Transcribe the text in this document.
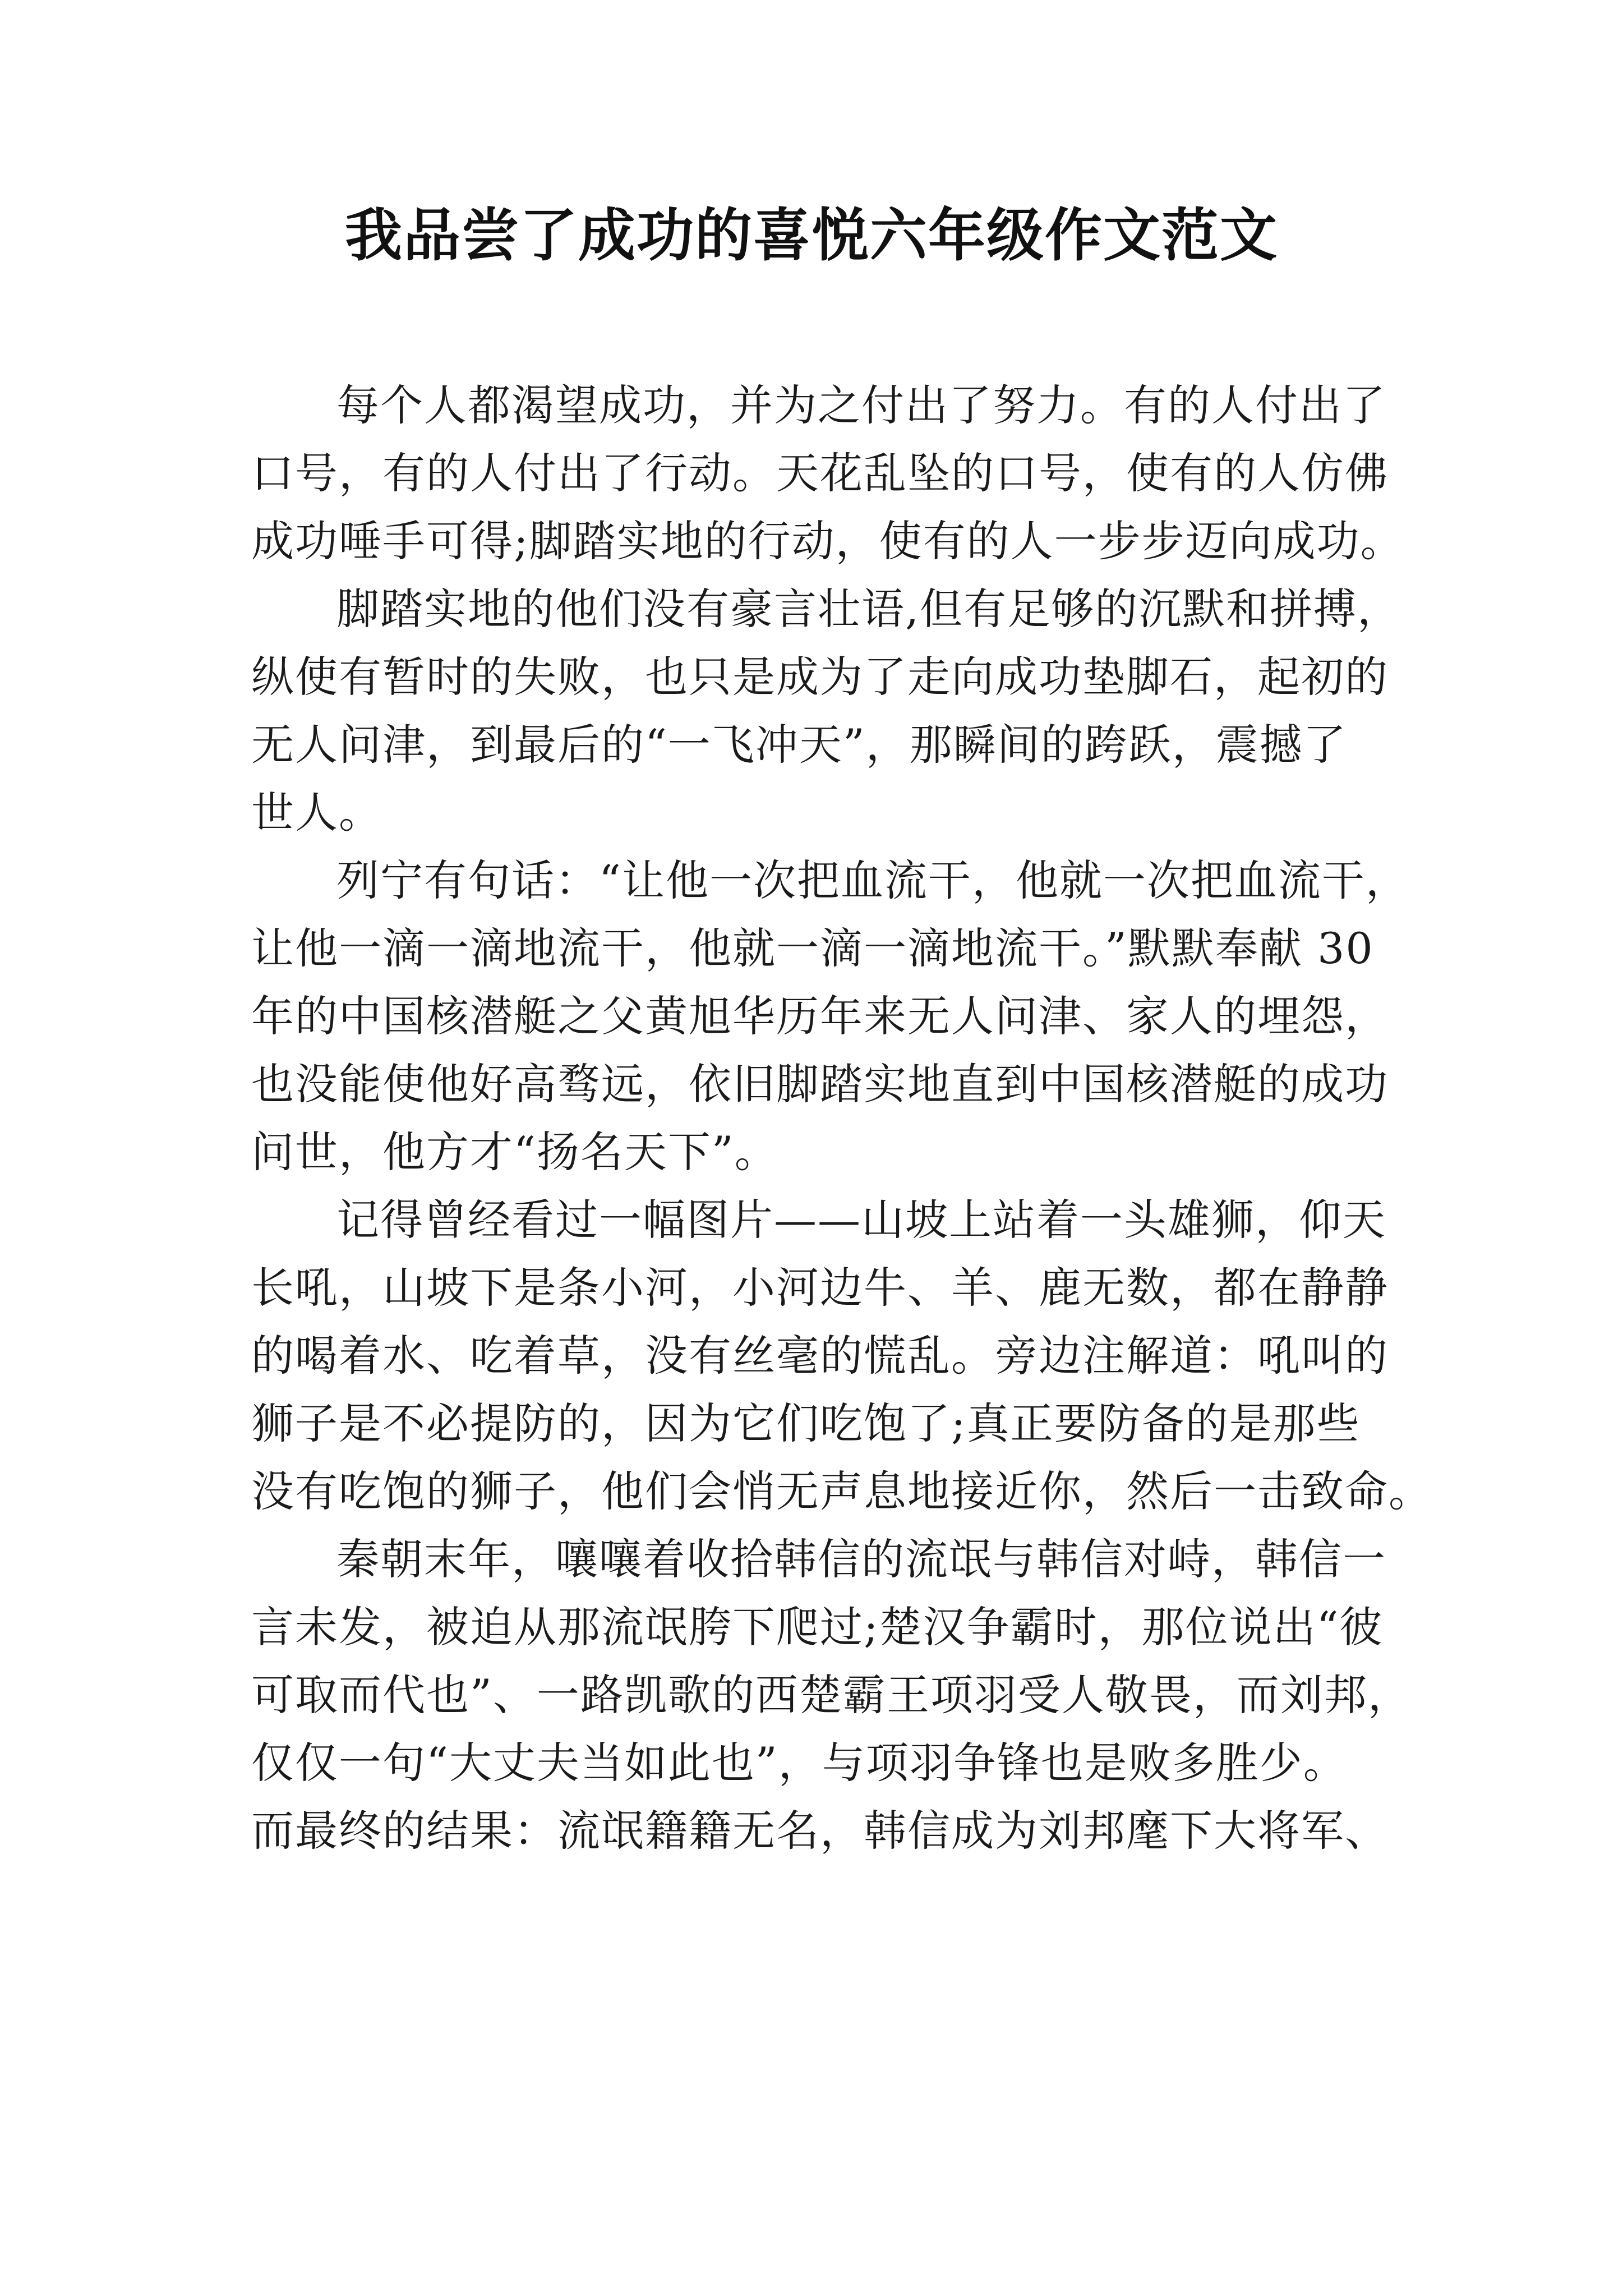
我品尝了成功的喜悦六年级作文范文
每个人都渴望成功，并为之付出了努力。有的人付出了
口号，有的人付出了行动。天花乱坠的口号，使有的人仿佛
成功唾手可得;脚踏实地的行动，使有的人一步步迈向成功。
脚踏实地的他们没有豪言壮语,但有足够的沉默和拼搏，
纵使有暂时的失败，也只是成为了走向成功垫脚石，起初的
无人问津，到最后的“一飞冲天”，那瞬间的跨跃，震撼了
世人。
列宁有句话：“让他一次把血流干，他就一次把血流干，
让他一滴一滴地流干，他就一滴一滴地流干。”默默奉献 30
年的中国核潜艇之父黄旭华历年来无人问津、家人的埋怨，
也没能使他好高骛远，依旧脚踏实地直到中国核潜艇的成功
问世，他方才“扬名天下”。
记得曾经看过一幅图片——山坡上站着一头雄狮，仰天
长吼，山坡下是条小河，小河边牛、羊、鹿无数，都在静静
的喝着水、吃着草，没有丝毫的慌乱。旁边注解道：吼叫的
狮子是不必提防的，因为它们吃饱了;真正要防备的是那些
没有吃饱的狮子，他们会悄无声息地接近你，然后一击致命。
秦朝末年，嚷嚷着收拾韩信的流氓与韩信对峙，韩信一
言未发，被迫从那流氓胯下爬过;楚汉争霸时，那位说出“彼
可取而代也”、一路凯歌的西楚霸王项羽受人敬畏，而刘邦，
仅仅一句“大丈夫当如此也”，与项羽争锋也是败多胜少。
而最终的结果：流氓籍籍无名，韩信成为刘邦麾下大将军、
